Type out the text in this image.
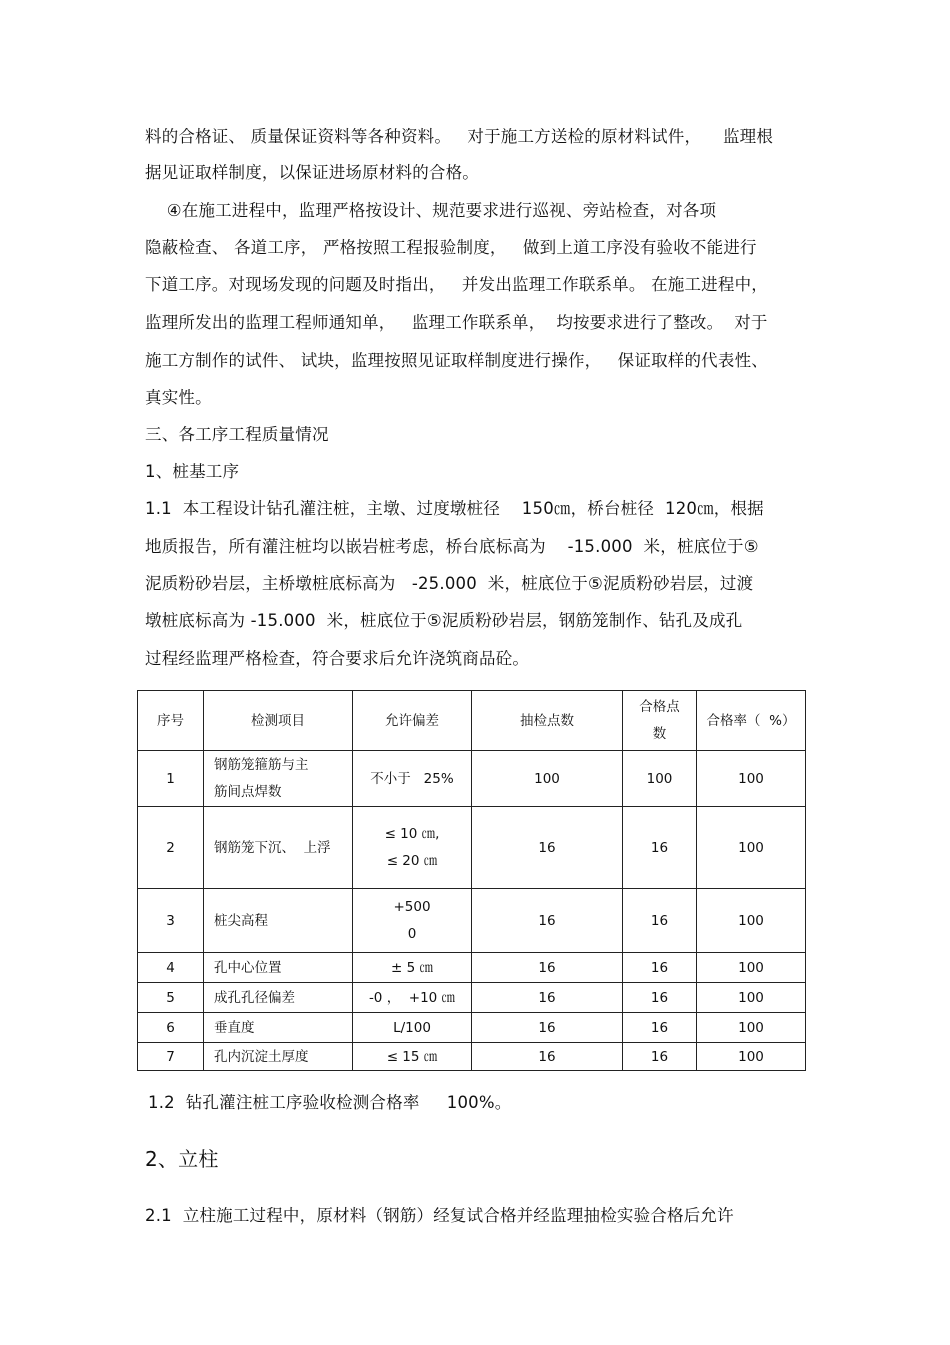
料的合格证、 质量保证资料等各种资料。   对于施工方送检的原材料试件，    监理根
据见证取样制度，以保证进场原材料的合格。
④在施工进程中，监理严格按设计、规范要求进行巡视、旁站检查，对各项
隐蔽检查、 各道工序， 严格按照工程报验制度，   做到上道工序没有验收不能进行
下道工序。对现场发现的问题及时指出，   并发出监理工作联系单。 在施工进程中，
监理所发出的监理工程师通知单，   监理工作联系单，  均按要求进行了整改。  对于
施工方制作的试件、 试块，监理按照见证取样制度进行操作，   保证取样的代表性、
真实性。
三、各工序工程质量情况
1、桩基工序
1.1  本工程设计钻孔灌注桩，主墩、过度墩桩径    150㎝，桥台桩径  120㎝，根据
地质报告，所有灌注桩均以嵌岩桩考虑，桥台底标高为    -15.000  米，桩底位于⑤
泥质粉砂岩层，主桥墩桩底标高为   -25.000  米，桩底位于⑤泥质粉砂岩层，过渡
墩桩底标高为 -15.000  米，桩底位于⑤泥质粉砂岩层，钢筋笼制作、钻孔及成孔
过程经监理严格检查，符合要求后允许浇筑商品砼。
序号	检测项目	允许偏差	抽检点数	合格点
数	合格率（  %）
1	钢筋笼箍筋与主
筋间点焊数	不小于   25%	100	100	100
2	钢筋笼下沉、  上浮	≤ 10 ㎝,
≤ 20 ㎝	16	16	100
3	桩尖高程	+500
0	16	16	100
4	孔中心位置	± 5 ㎝	16	16	100
5	成孔孔径偏差	-0 ，  +10 ㎝	16	16	100
6	垂直度	L/100	16	16	100
7	孔内沉淀土厚度	≤ 15 ㎝	16	16	100
1.2  钻孔灌注桩工序验收检测合格率     100%。
2、立柱
2.1  立柱施工过程中，原材料（钢筋）经复试合格并经监理抽检实验合格后允许
